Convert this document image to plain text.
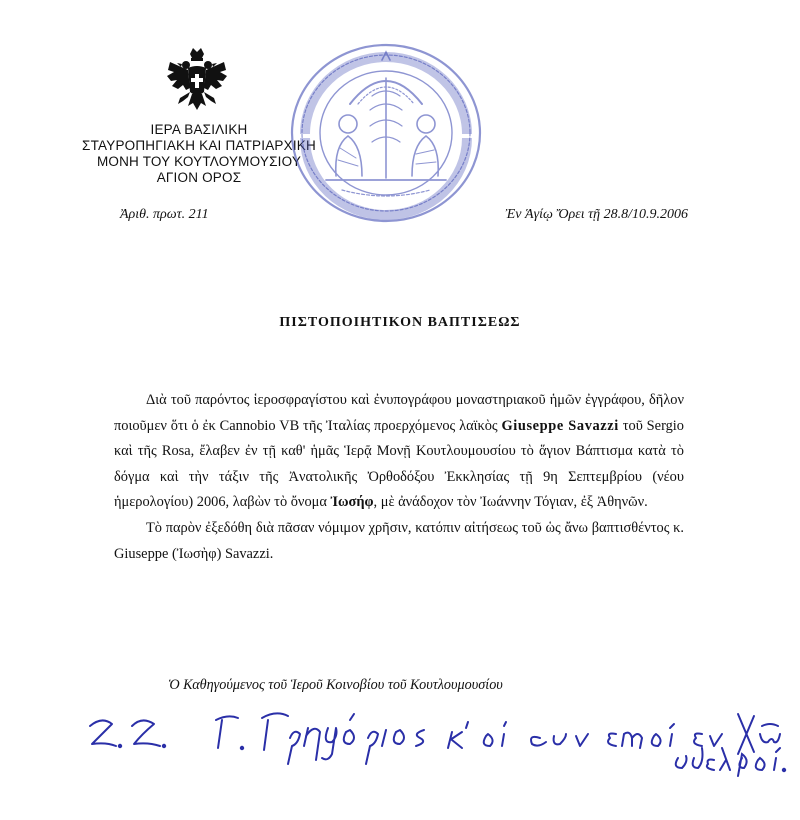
ΙΕΡΑ ΒΑΣΙΛΙΚΗ
ΣΤΑΥΡΟΠΗΓΙΑΚΗ ΚΑΙ ΠΑΤΡΙΑΡΧΙΚΗ
ΜΟΝΗ ΤΟΥ ΚΟΥΤΛΟΥΜΟΥΣΙΟΥ
ΑΓΙΟΝ ΟΡΟΣ
Ἀριθ. πρωτ. 211	Ἐν Ἁγίῳ Ὄρει τῇ 28.8/10.9.2006
ΠΙΣΤΟΠΟΙΗΤΙΚΟΝ ΒΑΠΤΙΣΕΩΣ

Διὰ τοῦ παρόντος ἱεροσφραγίστου καὶ ἐνυπογράφου μοναστηριακοῦ ἡμῶν ἐγγράφου, δῆλον ποιοῦμεν ὅτι ὁ ἐκ Cannobio VB τῆς Ἰταλίας προερχόμενος λαϊκὸς Giuseppe Savazzi τοῦ Sergio καὶ τῆς Rosa, ἔλαβεν ἐν τῇ καθ' ἡμᾶς Ἱερᾷ Μονῇ Κουτλουμουσίου τὸ ἅγιον Βάπτισμα κατὰ τὸ δόγμα καὶ τὴν τάξιν τῆς Ἀνατολικῆς Ὀρθοδόξου Ἐκκλησίας τῇ 9η Σεπτεμβρίου (νέου ἡμερολογίου) 2006, λαβὼν τὸ ὄνομα Ἰωσήφ, μὲ ἀνάδοχον τὸν Ἰωάννην Τόγιαν, ἐξ Ἀθηνῶν.

Τὸ παρὸν ἐξεδόθη διὰ πᾶσαν νόμιμον χρῆσιν, κατόπιν αἰτήσεως τοῦ ὡς ἄνω βαπτισθέντος κ. Giuseppe (Ἰωσὴφ) Savazzi.

Ὁ Καθηγούμενος τοῦ Ἱεροῦ Κοινοβίου τοῦ Κουτλουμουσίου
